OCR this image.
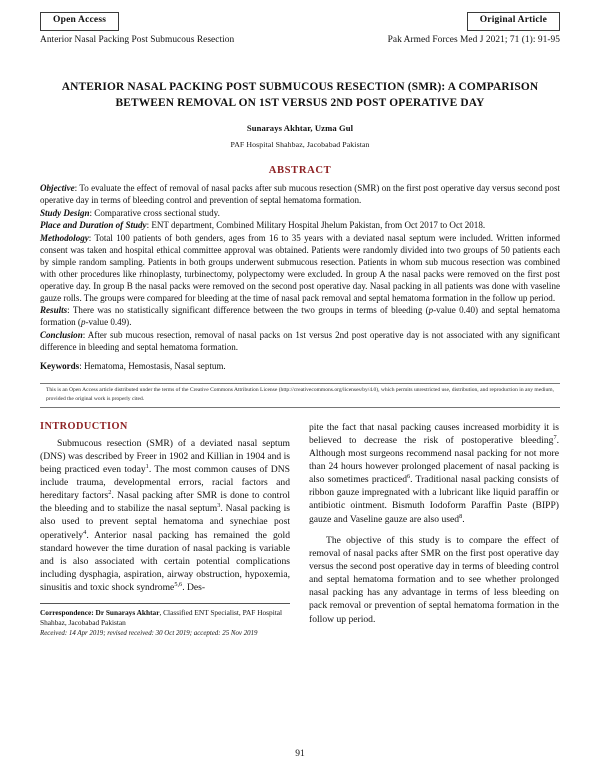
Open Access	Original Article
Anterior Nasal Packing Post Submucous Resection	Pak Armed Forces Med J 2021; 71 (1): 91-95
ANTERIOR NASAL PACKING POST SUBMUCOUS RESECTION (SMR): A COMPARISON BETWEEN REMOVAL ON 1ST VERSUS 2ND POST OPERATIVE DAY
Sunarays Akhtar, Uzma Gul
PAF Hospital Shahbaz, Jacobabad Pakistan
ABSTRACT

Objective: To evaluate the effect of removal of nasal packs after sub mucous resection (SMR) on the first post operative day versus second post operative day in terms of bleeding control and prevention of septal hematoma formation.

Study Design: Comparative cross sectional study.

Place and Duration of Study: ENT department, Combined Military Hospital Jhelum Pakistan, from Oct 2017 to Oct 2018.

Methodology: Total 100 patients of both genders, ages from 16 to 35 years with a deviated nasal septum were included. Written informed consent was taken and hospital ethical committee approval was obtained. Patients were randomly divided into two groups of 50 patients each by simple random sampling. Patients in both groups underwent submucous resection. Patients in whom sub mucous resection was combined with other procedures like rhinoplasty, turbinectomy, polypectomy were excluded. In group A the nasal packs were removed on the first post operative day. In group B the nasal packs were removed on the second post operative day. Nasal packing in all patients was done with vaseline gauze rolls. The groups were compared for bleeding at the time of nasal pack removal and septal hematoma formation in the follow up period.

Results: There was no statistically significant difference between the two groups in terms of bleeding (p-value 0.40) and septal hematoma formation (p-value 0.49).

Conclusion: After sub mucous resection, removal of nasal packs on 1st versus 2nd post operative day is not associated with any significant difference in bleeding and septal hematoma formation.

Keywords: Hematoma, Hemostasis, Nasal septum.

This is an Open Access article distributed under the terms of the Creative Commons Attribution License (http://creativecommons.org/licenses/by/4.0), which permits unrestricted use, distribution, and reproduction in any medium, provided the original work is properly cited.
INTRODUCTION

Submucous resection (SMR) of a deviated nasal septum (DNS) was described by Freer in 1902 and Killian in 1904 and is being practiced even today$^1$. The most common causes of DNS include trauma, developmental errors, racial factors and hereditary factors$^2$. Nasal packing after SMR is done to control the bleeding and to stabilize the nasal septum$^3$. Nasal packing is also used to prevent septal hematoma and synechiae post operatively$^4$. Anterior nasal packing has remained the gold standard however the time duration of nasal packing is variable and is also associated with certain potential complications including dysphagia, aspiration, airway obstruction, hypoxemia, sinusitis and toxic shock syndrome$^{5,6}$. Des-

Correspondence: Dr Sunarays Akhtar, Classified ENT Specialist, PAF Hospital Shahbaz, Jacobabad Pakistan

Received: 14 Apr 2019; revised received: 30 Oct 2019; accepted: 25 Nov 2019

pite the fact that nasal packing causes increased morbidity it is believed to decrease the risk of postoperative bleeding$^7$. Although most surgeons recommend nasal packing for not more than 24 hours however prolonged placement of nasal packing is also sometimes practiced$^6$. Traditional nasal packing consists of ribbon gauze impregnated with a lubricant like liquid paraffin or antibiotic ointment. Bismuth Iodoform Paraffin Paste (BIPP) gauze and Vaseline gauze are also used$^8$.

The objective of this study is to compare the effect of removal of nasal packs after SMR on the first post operative day versus the second post operative day in terms of bleeding control and septal hematoma formation and to see whether prolonged nasal packing has any advantage in terms of less bleeding on pack removal or prevention of septal hematoma formation in the follow up period.

91
